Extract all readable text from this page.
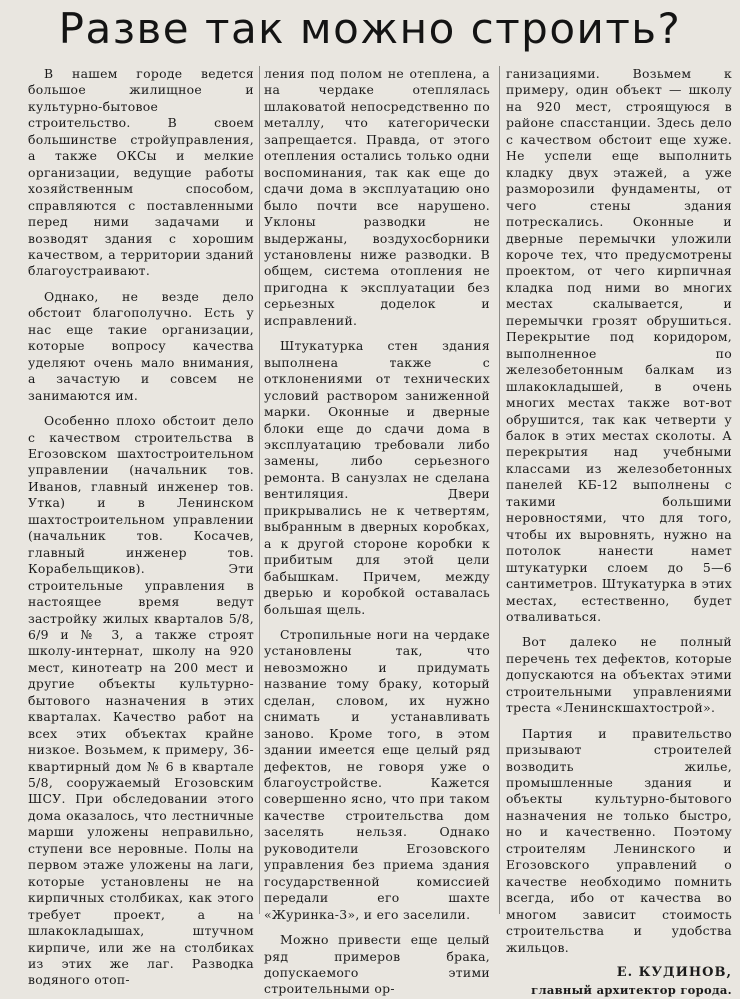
Разве так можно строить?

В нашем городе ведется большое жилищное и культурно-бытовое строительство. В своем большинстве стройуправления, а также ОКСы и мелкие организации, ведущие работы хозяйственным способом, справляются с поставленными перед ними задачами и возводят здания с хорошим качеством, а территории зданий благоустраивают.

Однако, не везде дело обстоит благополучно. Есть у нас еще такие организации, которые вопросу качества уделяют очень мало внимания, а зачастую и совсем не занимаются им.

Особенно плохо обстоит дело с качеством строительства в Егозовском шахтостроительном управлении (начальник тов. Иванов, главный инженер тов. Утка) и в Ленинском шахтостроительном управлении (начальник тов. Косачев, главный инженер тов. Корабельщиков). Эти строительные управления в настоящее время ведут застройку жилых кварталов 5/8, 6/9 и № 3, а также строят школу-интернат, школу на 920 мест, кинотеатр на 200 мест и другие объекты культурно-бытового назначения в этих кварталах. Качество работ на всех этих объектах крайне низкое. Возьмем, к примеру, 36-квартирный дом № 6 в квартале 5/8, сооружаемый Егозовским ШСУ. При обследовании этого дома оказалось, что лестничные марши уложены неправильно, ступени все неровные. Полы на первом этаже уложены на лаги, которые установлены не на кирпичных столбиках, как этого требует проект, а на шлакокладышах, штучном кирпиче, или же на столбиках из этих же лаг. Разводка водяного отоп-

ления под полом не отеплена, а на чердаке отеплялась шлаковатой непосредственно по металлу, что категорически запрещается. Правда, от этого отепления остались только одни воспоминания, так как еще до сдачи дома в эксплуатацию оно было почти все нарушено. Уклоны разводки не выдержаны, воздухосборники установлены ниже разводки. В общем, система отопления не пригодна к эксплуатации без серьезных доделок и исправлений.

Штукатурка стен здания выполнена также с отклонениями от технических условий раствором заниженной марки. Оконные и дверные блоки еще до сдачи дома в эксплуатацию требовали либо замены, либо серьезного ремонта. В санузлах не сделана вентиляция. Двери прикрывались не к четвертям, выбранным в дверных коробках, а к другой стороне коробки к прибитым для этой цели бабышкам. Причем, между дверью и коробкой оставалась большая щель.

Стропильные ноги на чердаке установлены так, что невозможно и придумать название тому браку, который сделан, словом, их нужно снимать и устанавливать заново. Кроме того, в этом здании имеется еще целый ряд дефектов, не говоря уже о благоустройстве. Кажется совершенно ясно, что при таком качестве строительства дом заселять нельзя. Однако руководители Егозовского управления без приема здания государственной комиссией передали его шахте «Журинка-3», и его заселили.

Можно привести еще целый ряд примеров брака, допускаемого этими строительными ор-

ганизациями. Возьмем к примеру, один объект — школу на 920 мест, строящуюся в районе спасстанции. Здесь дело с качеством обстоит еще хуже. Не успели еще выполнить кладку двух этажей, а уже разморозили фундаменты, от чего стены здания потрескались. Оконные и дверные перемычки уложили короче тех, что предусмотрены проектом, от чего кирпичная кладка под ними во многих местах скалывается, и перемычки грозят обрушиться. Перекрытие под коридором, выполненное по железобетонным балкам из шлакокладышей, в очень многих местах также вот-вот обрушится, так как четверти у балок в этих местах сколоты. А перекрытия над учебными классами из железобетонных панелей КБ-12 выполнены с такими большими неровностями, что для того, чтобы их выровнять, нужно на потолок нанести намет штукатурки слоем до 5—6 сантиметров. Штукатурка в этих местах, естественно, будет отваливаться.

Вот далеко не полный перечень тех дефектов, которые допускаются на объектах этими строительными управлениями треста «Ленинскшахтострой».

Партия и правительство призывают строителей возводить жилье, промышленные здания и объекты культурно-бытового назначения не только быстро, но и качественно. Поэтому строителям Ленинского и Егозовского управлений о качестве необходимо помнить всегда, ибо от качества во многом зависит стоимость строительства и удобства жильцов.

Е. КУДИНОВ,
главный архитектор города.
